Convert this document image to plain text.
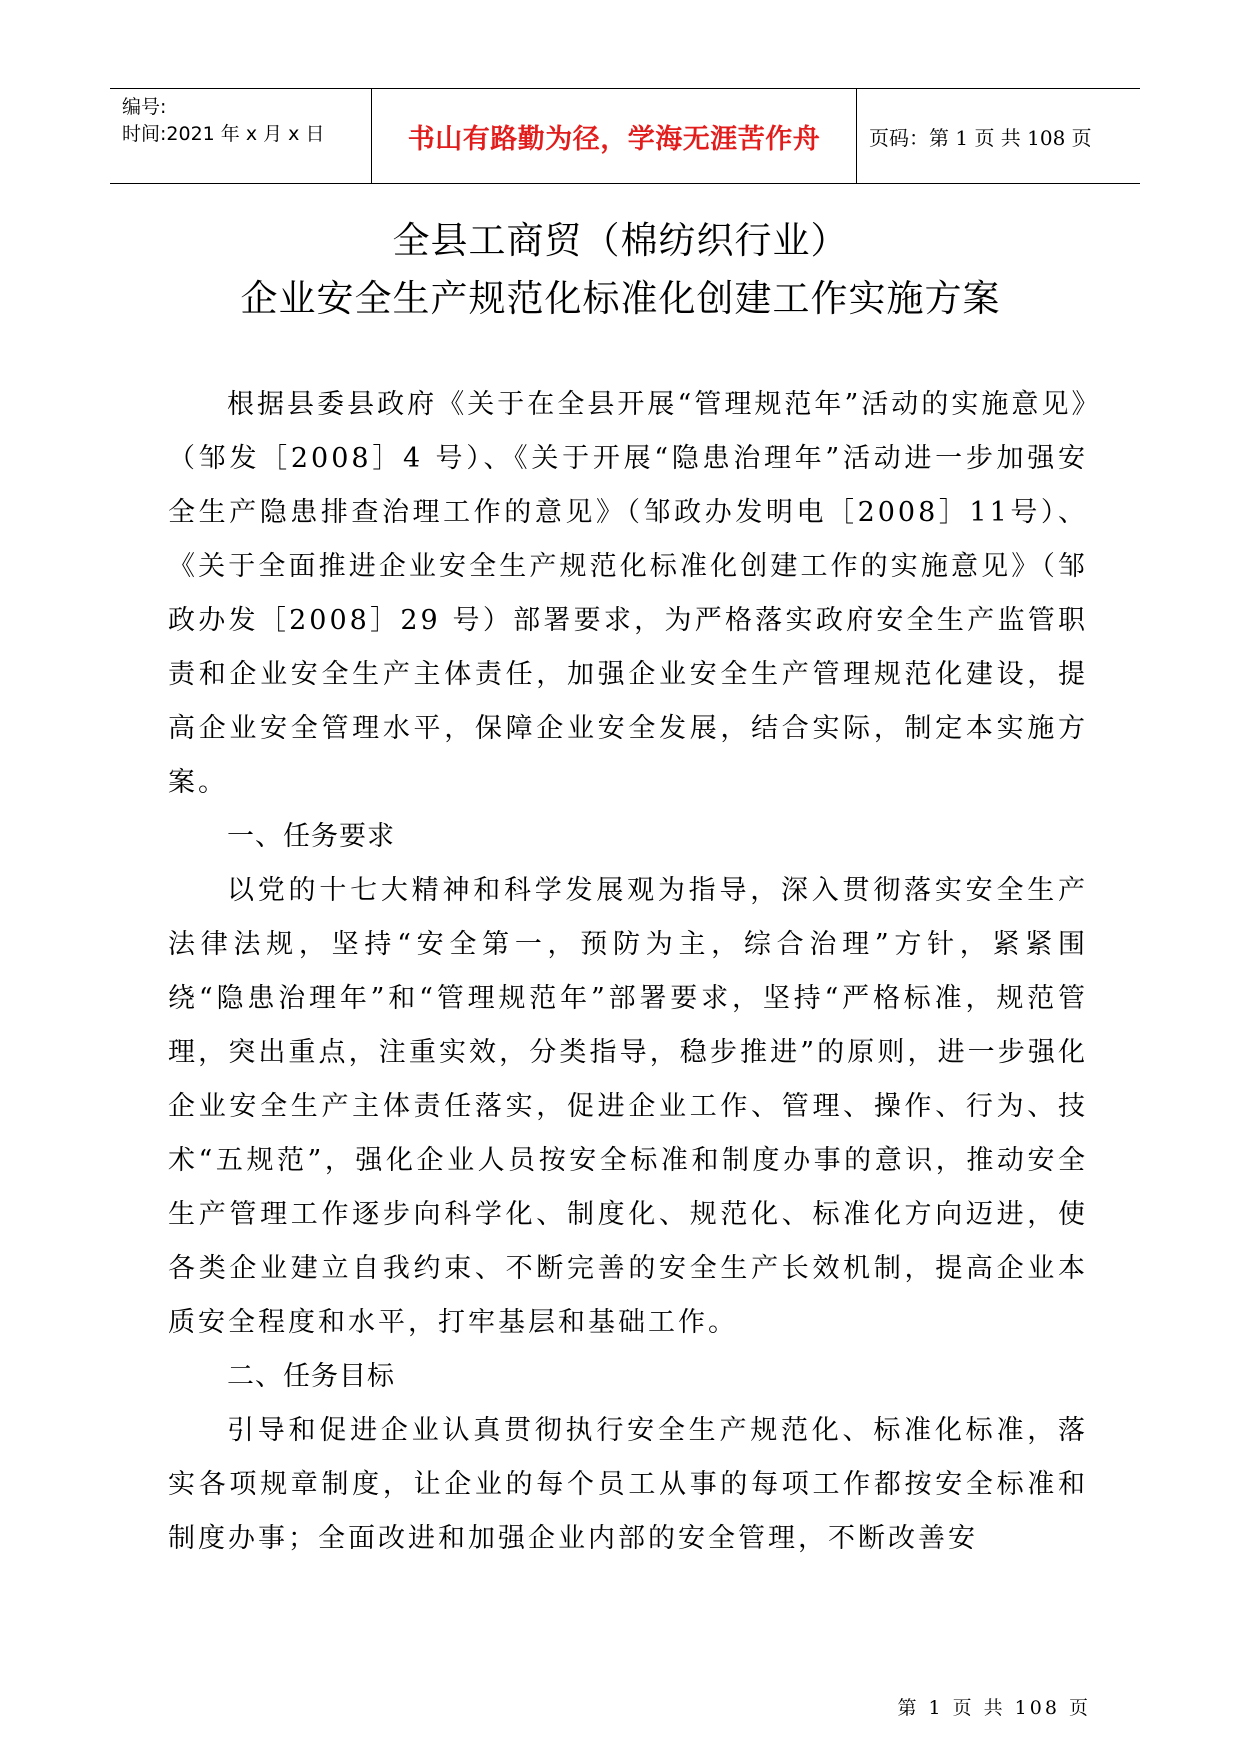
编号:
时间:2021 年 x 月 x 日	书山有路勤为径，学海无涯苦作舟 页码：第 1 页 共 108 页
全县工商贸（棉纺织行业）
企业安全生产规范化标准化创建工作实施方案

根据县委县政府《关于在全县开展“管理规范年”活动的实施意见》（邹发［2008］4 号）、《关于开展“隐患治理年”活动进一步加强安全生产隐患排查治理工作的意见》（邹政办发明电［2008］11号）、《关于全面推进企业安全生产规范化标准化创建工作的实施意见》（邹政办发［2008］29 号）部署要求，为严格落实政府安全生产监管职责和企业安全生产主体责任，加强企业安全生产管理规范化建设，提高企业安全管理水平，保障企业安全发展，结合实际，制定本实施方案。

一、任务要求

以党的十七大精神和科学发展观为指导，深入贯彻落实安全生产法律法规，坚持“安全第一，预防为主，综合治理”方针，紧紧围绕“隐患治理年”和“管理规范年”部署要求，坚持“严格标准，规范管理，突出重点，注重实效，分类指导，稳步推进”的原则，进一步强化企业安全生产主体责任落实，促进企业工作、管理、操作、行为、技术“五规范”，强化企业人员按安全标准和制度办事的意识，推动安全生产管理工作逐步向科学化、制度化、规范化、标准化方向迈进，使各类企业建立自我约束、不断完善的安全生产长效机制，提高企业本质安全程度和水平，打牢基层和基础工作。

二、任务目标

引导和促进企业认真贯彻执行安全生产规范化、标准化标准，落实各项规章制度，让企业的每个员工从事的每项工作都按安全标准和制度办事；全面改进和加强企业内部的安全管理，不断改善安

第 1 页 共 108 页
